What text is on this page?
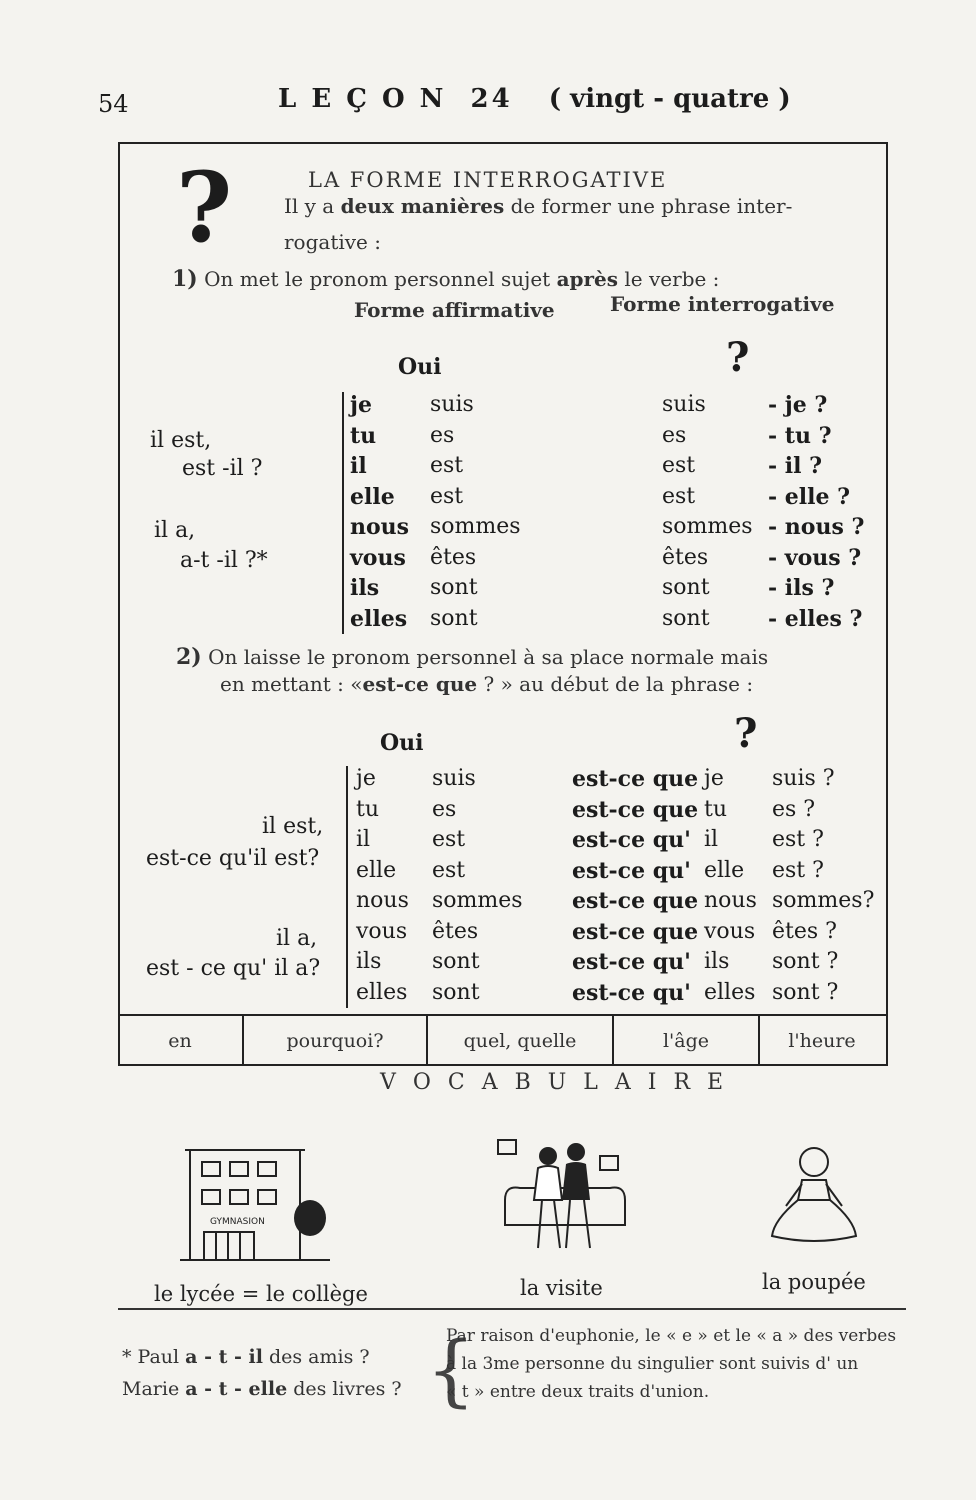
54	L E Ç O N  24 ( vingt - quatre )
?	LA FORME INTERROGATIVE
Il y a deux manières de former une phrase inter-
rogative :
1) On met le pronom personnel sujet après le verbe :
Forme affirmative	Forme interrogative
Oui	?
il est,
est -il ?
il a,
a-t -il ?*
je	suis	suis	- je ?
tu es	es	- tu ?
il	est	est	- il ?
elle est	est	- elle ?
nous sommes	sommes - nous ?
vous êtes	êtes	- vous ?
ils sont	sont	- ils ?
elles sont	sont	- elles ?
2) On laisse le pronom personnel à sa place normale mais
en mettant : «est-ce que ? » au début de la phrase :
Oui	?
il est,
est-ce qu'il est?
il a,
est - ce qu' il a?
je	suis	est-ce que je suis ?
tu es	est-ce que tu es ?
il	est	est-ce qu' il est ?
elle est	est-ce qu' elle est ?
nous sommes est-ce que nous sommes?
vous êtes	est-ce que vous êtes ?
ils sont	est-ce qu' ils sont ?
elles sont	est-ce qu' elles sont ?
en	pourquoi?	quel, quelle	l'âge	l'heure
V O C A B U L A I R E
GYMNASION
le lycée = le collège	la visite	la poupée
* Paul a - t - il des amis ?
Marie a - t - elle des livres ? {
Par raison d'euphonie, le « e » et le « a » des verbes
à la 3me personne du singulier sont suivis d' un
« t » entre deux traits d'union.
